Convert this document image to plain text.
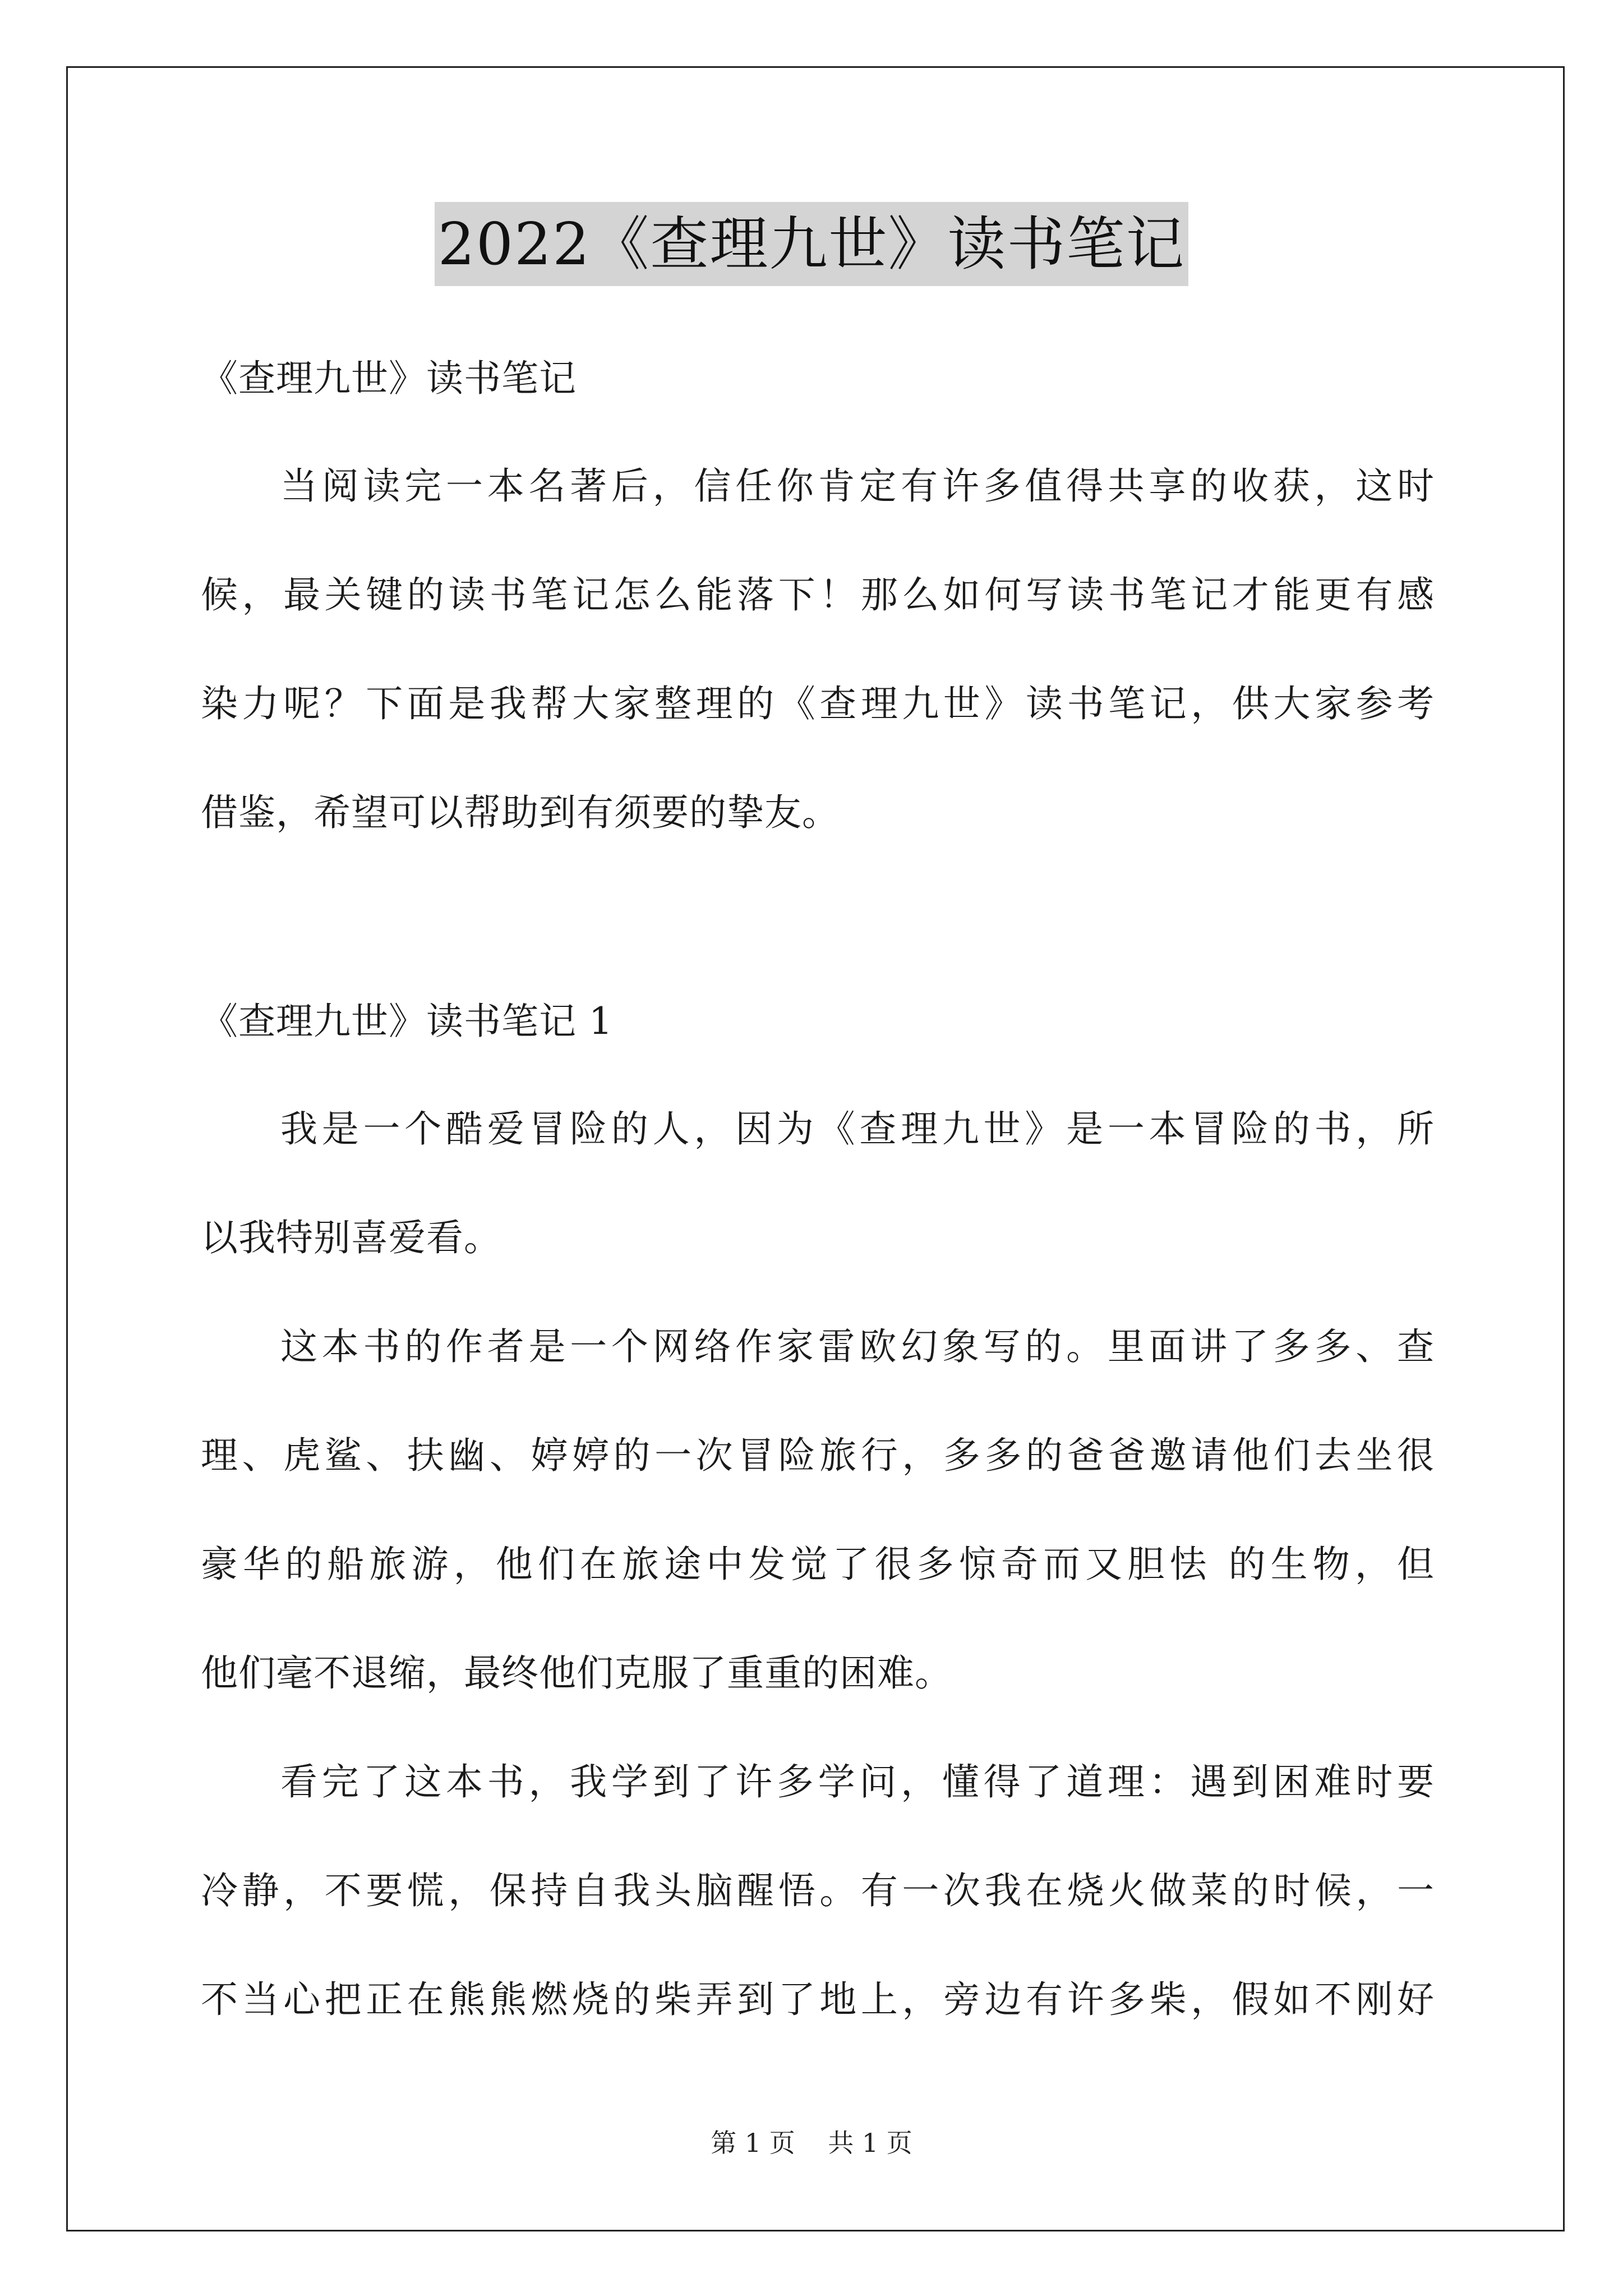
2022《查理九世》读书笔记
《查理九世》读书笔记
当阅读完一本名著后，信任你肯定有许多值得共享的收获，这时
候，最关键的读书笔记怎么能落下！那么如何写读书笔记才能更有感
染力呢？下面是我帮大家整理的《查理九世》读书笔记，供大家参考
借鉴，希望可以帮助到有须要的挚友。
《查理九世》读书笔记 1
我是一个酷爱冒险的人，因为《查理九世》是一本冒险的书，所
以我特别喜爱看。
这本书的作者是一个网络作家雷欧幻象写的。里面讲了多多、查
理、虎鲨、扶幽、婷婷的一次冒险旅行，多多的爸爸邀请他们去坐很
豪华的船旅游，他们在旅途中发觉了很多惊奇而又胆怯 的生物，但
他们毫不退缩，最终他们克服了重重的困难。
看完了这本书，我学到了许多学问，懂得了道理：遇到困难时要
冷静，不要慌，保持自我头脑醒悟。有一次我在烧火做菜的时候，一
不当心把正在熊熊燃烧的柴弄到了地上，旁边有许多柴，假如不刚好
第 1 页 共 1 页
